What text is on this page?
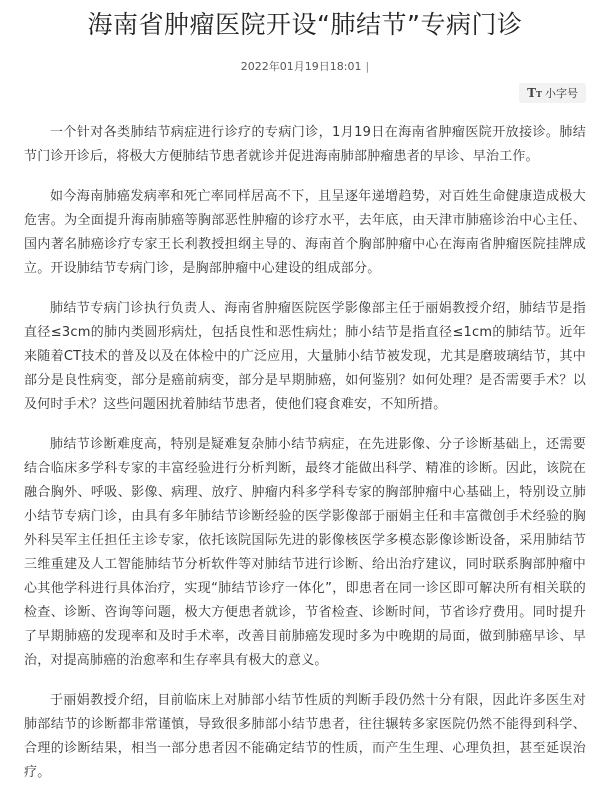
海南省肿瘤医院开设“肺结节”专病门诊
2022年01月19日18:01 |
TT 小字号

一个针对各类肺结节病症进行诊疗的专病门诊，1月19日在海南省肿瘤医院开放接诊。肺结节门诊开诊后，将极大方便肺结节患者就诊并促进海南肺部肿瘤患者的早诊、早治工作。

如今海南肺癌发病率和死亡率同样居高不下，且呈逐年递增趋势，对百姓生命健康造成极大危害。为全面提升海南肺癌等胸部恶性肿瘤的诊疗水平，去年底，由天津市肺癌诊治中心主任、国内著名肺癌诊疗专家王长利教授担纲主导的、海南首个胸部肿瘤中心在海南省肿瘤医院挂牌成立。开设肺结节专病门诊，是胸部肿瘤中心建设的组成部分。

肺结节专病门诊执行负责人、海南省肿瘤医院医学影像部主任于丽娟教授介绍，肺结节是指直径≤3cm的肺内类圆形病灶，包括良性和恶性病灶；肺小结节是指直径≤1cm的肺结节。近年来随着CT技术的普及以及在体检中的广泛应用，大量肺小结节被发现，尤其是磨玻璃结节，其中部分是良性病变，部分是癌前病变，部分是早期肺癌，如何鉴别？如何处理？是否需要手术？以及何时手术？这些问题困扰着肺结节患者，使他们寝食难安，不知所措。

肺结节诊断难度高，特别是疑难复杂肺小结节病症，在先进影像、分子诊断基础上，还需要结合临床多学科专家的丰富经验进行分析判断，最终才能做出科学、精准的诊断。因此，该院在融合胸外、呼吸、影像、病理、放疗、肿瘤内科多学科专家的胸部肿瘤中心基础上，特别设立肺小结节专病门诊，由具有多年肺结节诊断经验的医学影像部于丽娟主任和丰富微创手术经验的胸外科吴军主任担任主诊专家，依托该院国际先进的影像核医学多模态影像诊断设备，采用肺结节三维重建及人工智能肺结节分析软件等对肺结节进行诊断、给出治疗建议，同时联系胸部肿瘤中心其他学科进行具体治疗，实现“肺结节诊疗一体化”，即患者在同一诊区即可解决所有相关联的检查、诊断、咨询等问题，极大方便患者就诊，节省检查、诊断时间，节省诊疗费用。同时提升了早期肺癌的发现率和及时手术率，改善目前肺癌发现时多为中晚期的局面，做到肺癌早诊、早治，对提高肺癌的治愈率和生存率具有极大的意义。

于丽娟教授介绍，目前临床上对肺部小结节性质的判断手段仍然十分有限，因此许多医生对肺部结节的诊断都非常谨慎，导致很多肺部小结节患者，往往辗转多家医院仍然不能得到科学、合理的诊断结果，相当一部分患者因不能确定结节的性质，而产生生理、心理负担，甚至延误治疗。
